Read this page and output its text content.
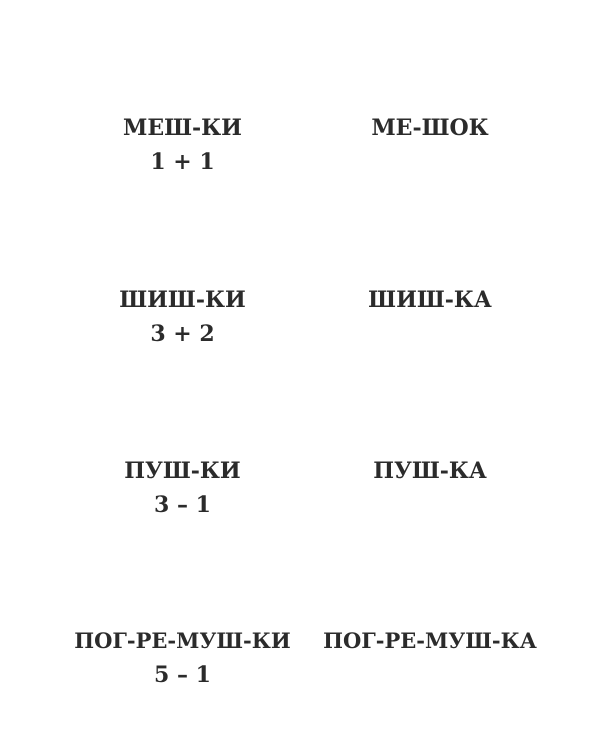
МЕШ-КИ
1 + 1
МЕ-ШОК
ШИШ-КИ
3 + 2
ШИШ-КА
ПУШ-КИ
3 – 1
ПУШ-КА
ПОГ-РЕ-МУШ-КИ
5 – 1
ПОГ-РЕ-МУШ-КА
